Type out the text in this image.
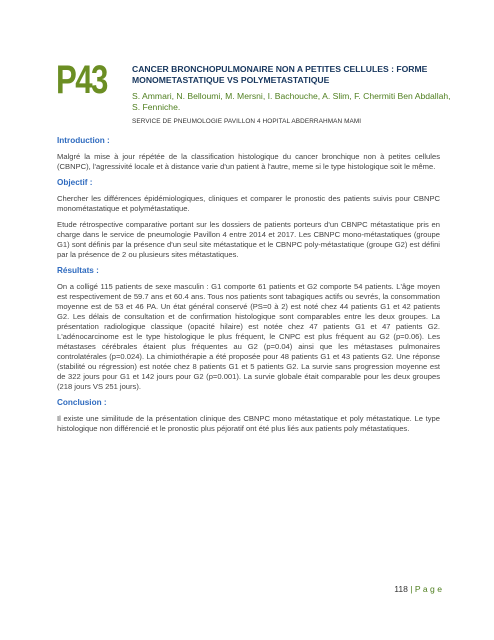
P43	CANCER BRONCHOPULMONAIRE NON A PETITES CELLULES : FORME MONOMETASTATIQUE VS POLYMETASTATIQUE
S. Ammari, N. Belloumi, M. Mersni, I. Bachouche, A. Slim, F. Chermiti Ben Abdallah, S. Fenniche.
SERVICE DE PNEUMOLOGIE PAVILLON 4 HOPITAL ABDERRAHMAN MAMI
Introduction :

Malgré la mise à jour répétée de la classification histologique du cancer bronchique non à petites cellules (CBNPC), l'agressivité locale et à distance varie d'un patient à l'autre, meme si le type histologique soit le même.

Objectif :

Chercher les différences épidémiologiques, cliniques et comparer le pronostic des patients suivis pour CBNPC monométastatique et polymétastatique.

Etude rétrospective comparative portant sur les dossiers de patients porteurs d'un CBNPC métastatique pris en charge dans le service de pneumologie Pavillon 4 entre 2014 et 2017. Les CBNPC mono-métastatiques (groupe G1) sont définis par la présence d'un seul site métastatique et le CBNPC poly-métastatique (groupe G2) est défini par la présence de 2 ou plusieurs sites métastatiques.

Résultats :

On a colligé 115 patients de sexe masculin : G1 comporte 61 patients et G2 comporte 54 patients. L'âge moyen est respectivement de 59.7 ans et 60.4 ans. Tous nos patients sont tabagiques actifs ou sevrés, la consommation moyenne est de 53 et 46 PA. Un état général conservé (PS=0 à 2) est noté chez 44 patients G1 et 42 patients G2. Les délais de consultation et de confirmation histologique sont comparables entre les deux groupes. La présentation radiologique classique (opacité hilaire) est notée chez 47 patients G1 et 47 patients G2. L'adénocarcinome est le type histologique le plus fréquent, le CNPC est plus fréquent au G2 (p=0.06). Les métastases cérébrales étaient plus fréquentes au G2 (p=0.04) ainsi que les métastases pulmonaires controlatérales (p=0.024). La chimiothérapie a été proposée pour 48 patients G1 et 43 patients G2. Une réponse (stabilité ou régression) est notée chez 8 patients G1 et 5 patients G2. La survie sans progression moyenne est de 322 jours pour G1 et 142 jours pour G2 (p=0.001). La survie globale était comparable pour les deux groupes (218 jours VS 251 jours).

Conclusion :

Il existe une similitude de la présentation clinique des CBNPC mono métastatique et poly métastatique. Le type histologique non différencié et le pronostic plus péjoratif ont été plus liés aux patients poly métastatiques.

118 | P a g e
